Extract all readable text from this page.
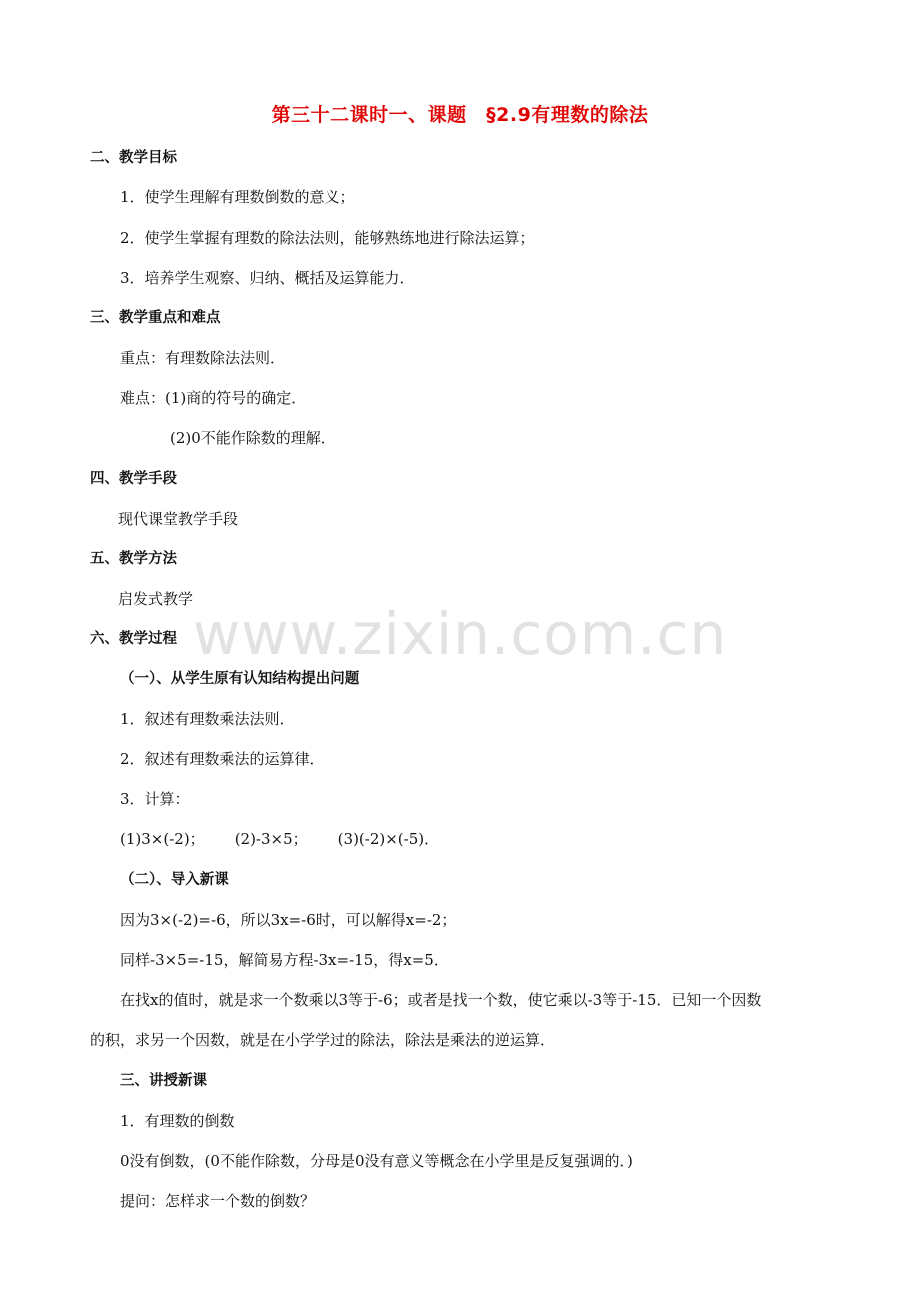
第三十二课时一、课题　§2.9有理数的除法
二、教学目标
1．使学生理解有理数倒数的意义；
2．使学生掌握有理数的除法法则，能够熟练地进行除法运算；
3．培养学生观察、归纳、概括及运算能力．
三、教学重点和难点
重点：有理数除法法则．
难点：(1)商的符号的确定．
(2)0不能作除数的理解．
四、教学手段
现代课堂教学手段
五、教学方法
启发式教学
www.zixin.com.cn
六、教学过程
（一）、从学生原有认知结构提出问题
1．叙述有理数乘法法则．
2．叙述有理数乘法的运算律．
3．计算：
(1)3×(-2)； (2)-3×5； (3)(-2)×(-5)．
（二）、导入新课
因为3×(-2)=-6，所以3x=-6时，可以解得x=-2；
同样-3×5=-15，解简易方程-3x=-15，得x=5．
在找x的值时，就是求一个数乘以3等于-6；或者是找一个数，使它乘以-3等于-15．已知一个因数
的积，求另一个因数，就是在小学学过的除法，除法是乘法的逆运算．
三、讲授新课
1．有理数的倒数
0没有倒数，(0不能作除数，分母是0没有意义等概念在小学里是反复强调的．)
提问：怎样求一个数的倒数？
